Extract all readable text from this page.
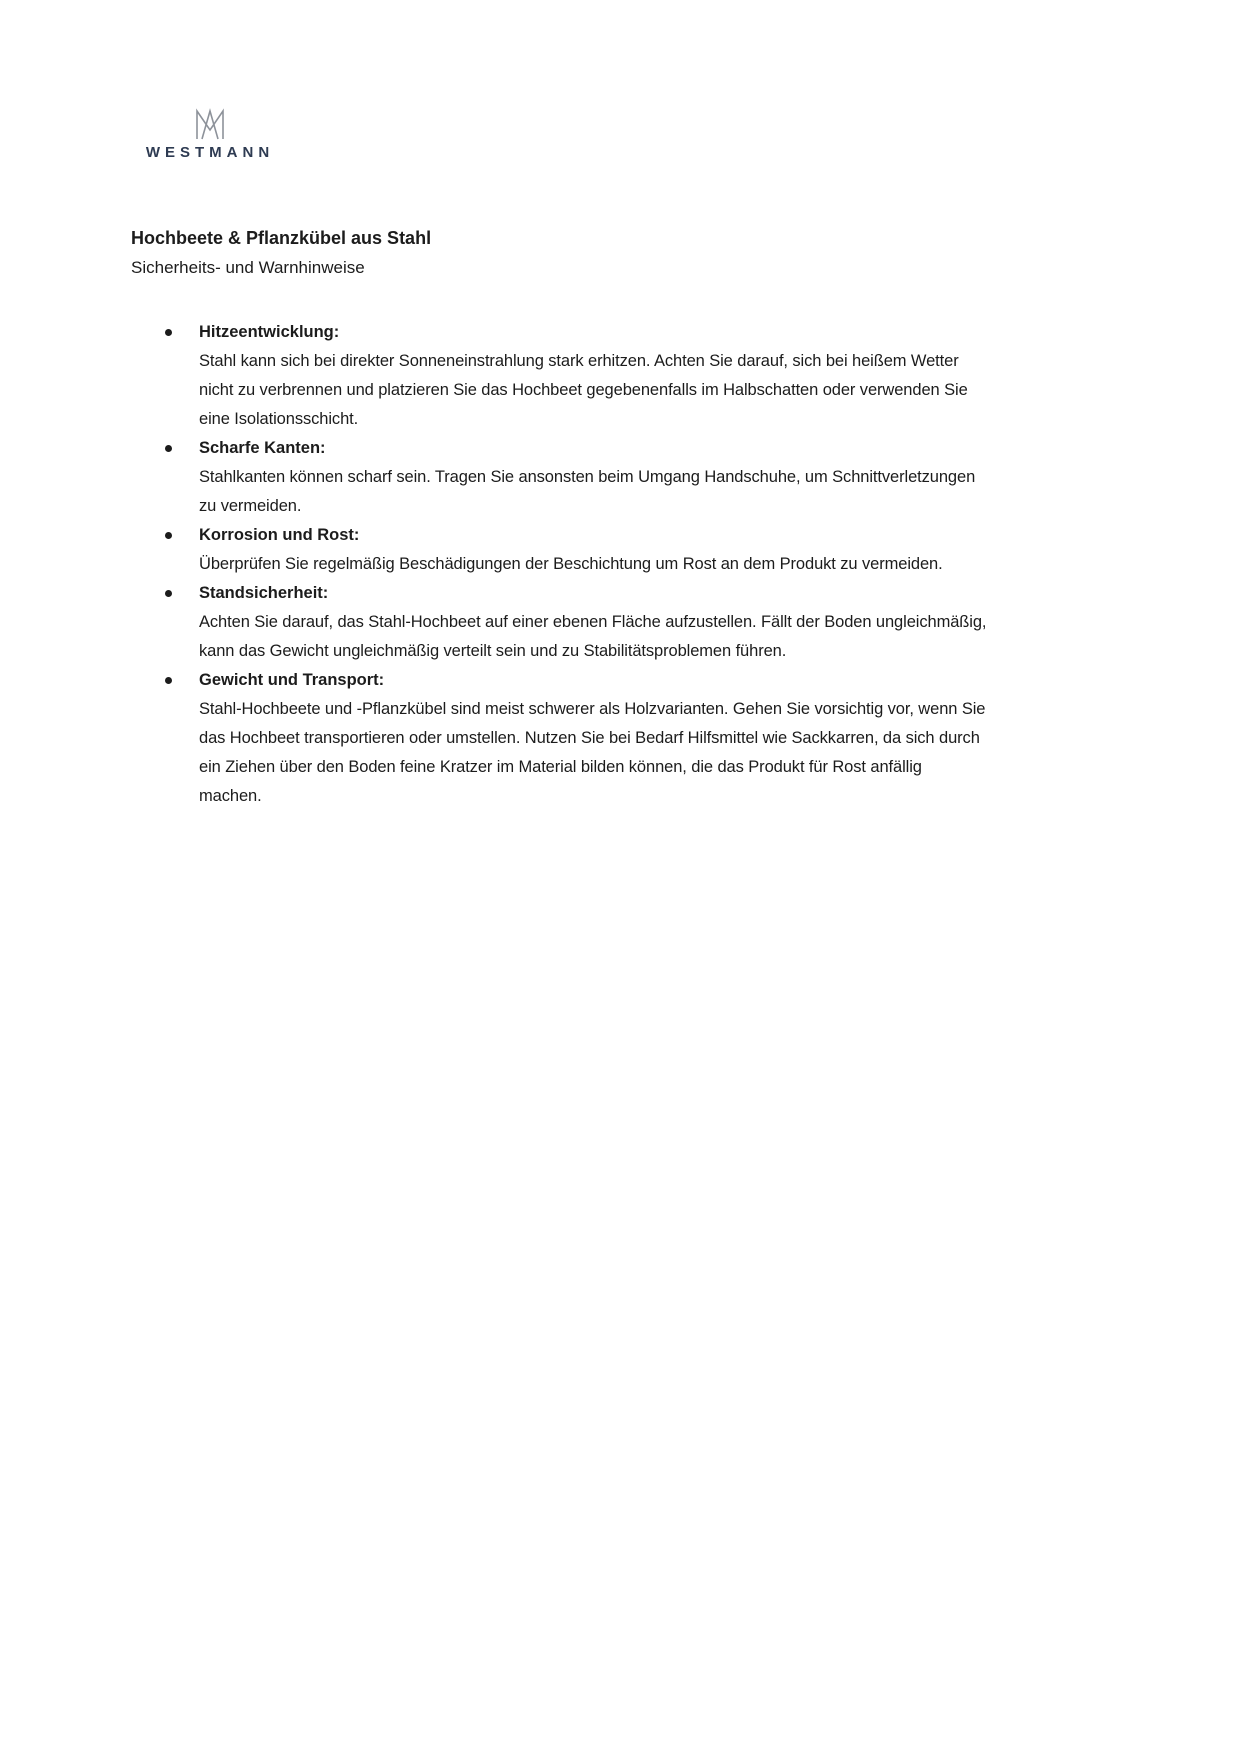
WESTMANN
Hochbeete & Pflanzkübel aus Stahl
Sicherheits- und Warnhinweise
Hitzeentwicklung:
Stahl kann sich bei direkter Sonneneinstrahlung stark erhitzen. Achten Sie darauf, sich bei heißem Wetter nicht zu verbrennen und platzieren Sie das Hochbeet gegebenenfalls im Halbschatten oder verwenden Sie eine Isolationsschicht.
Scharfe Kanten:
Stahlkanten können scharf sein. Tragen Sie ansonsten beim Umgang Handschuhe, um Schnittverletzungen zu vermeiden.
Korrosion und Rost:
Überprüfen Sie regelmäßig Beschädigungen der Beschichtung um Rost an dem Produkt zu vermeiden.
Standsicherheit:
Achten Sie darauf, das Stahl-Hochbeet auf einer ebenen Fläche aufzustellen. Fällt der Boden ungleichmäßig, kann das Gewicht ungleichmäßig verteilt sein und zu Stabilitätsproblemen führen.
Gewicht und Transport:
Stahl-Hochbeete und -Pflanzkübel sind meist schwerer als Holzvarianten. Gehen Sie vorsichtig vor, wenn Sie das Hochbeet transportieren oder umstellen. Nutzen Sie bei Bedarf Hilfsmittel wie Sackkarren, da sich durch ein Ziehen über den Boden feine Kratzer im Material bilden können, die das Produkt für Rost anfällig machen.
